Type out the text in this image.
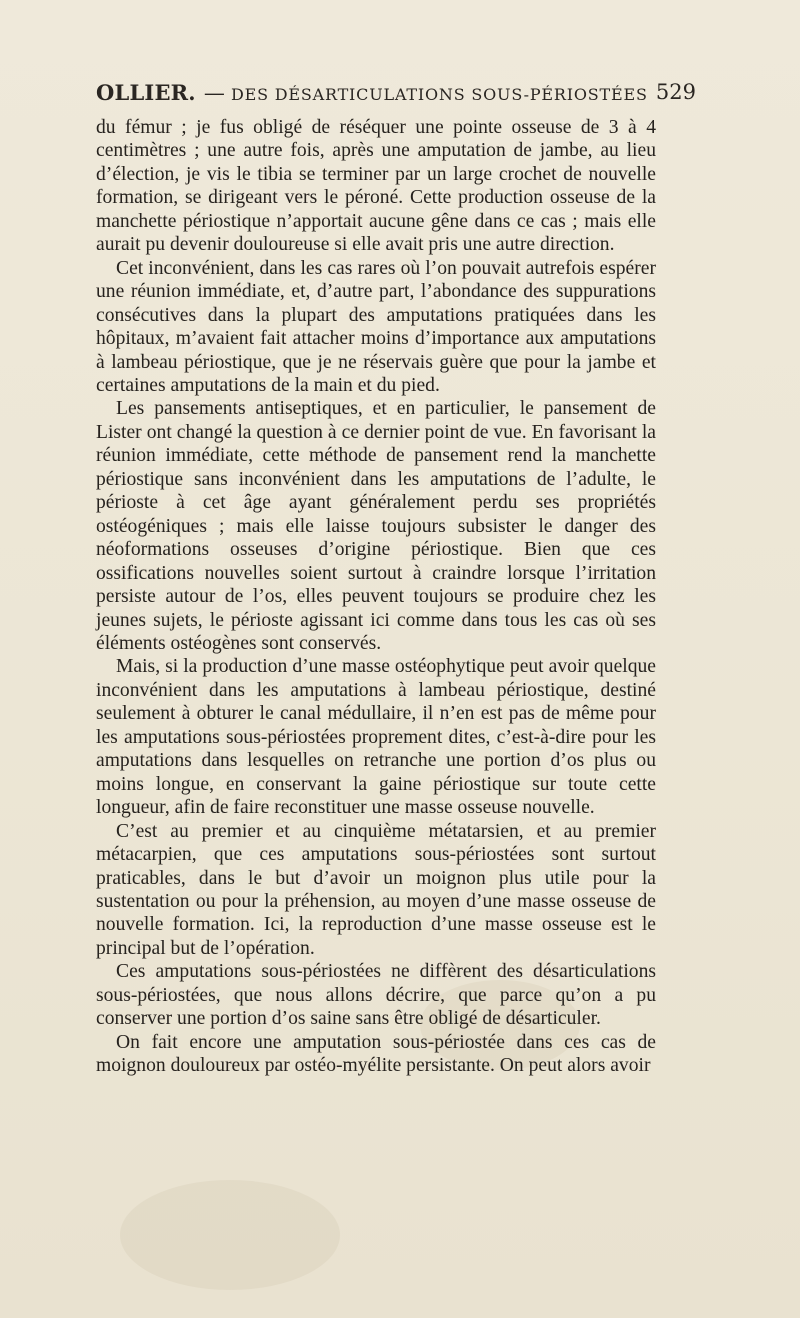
OLLIER. — DES DÉSARTICULATIONS SOUS-PÉRIOSTÉES 529

du fémur ; je fus obligé de réséquer une pointe osseuse de 3 à 4 centimètres ; une autre fois, après une amputation de jambe, au lieu d’élection, je vis le tibia se terminer par un large crochet de nouvelle formation, se dirigeant vers le péroné. Cette production osseuse de la manchette périostique n’apportait aucune gêne dans ce cas ; mais elle aurait pu devenir douloureuse si elle avait pris une autre direction.

Cet inconvénient, dans les cas rares où l’on pouvait autrefois espérer une réunion immédiate, et, d’autre part, l’abondance des suppurations consécutives dans la plupart des amputations pratiquées dans les hôpitaux, m’avaient fait attacher moins d’importance aux amputations à lambeau périostique, que je ne réservais guère que pour la jambe et certaines amputations de la main et du pied.

Les pansements antiseptiques, et en particulier, le pansement de Lister ont changé la question à ce dernier point de vue. En favorisant la réunion immédiate, cette méthode de pansement rend la manchette périostique sans inconvénient dans les amputations de l’adulte, le périoste à cet âge ayant généralement perdu ses propriétés ostéogéniques ; mais elle laisse toujours subsister le danger des néoformations osseuses d’origine périostique. Bien que ces ossifications nouvelles soient surtout à craindre lorsque l’irritation persiste autour de l’os, elles peuvent toujours se produire chez les jeunes sujets, le périoste agissant ici comme dans tous les cas où ses éléments ostéogènes sont conservés.

Mais, si la production d’une masse ostéophytique peut avoir quelque inconvénient dans les amputations à lambeau périostique, destiné seulement à obturer le canal médullaire, il n’en est pas de même pour les amputations sous-périostées proprement dites, c’est-à-dire pour les amputations dans lesquelles on retranche une portion d’os plus ou moins longue, en conservant la gaine périostique sur toute cette longueur, afin de faire reconstituer une masse osseuse nouvelle.

C’est au premier et au cinquième métatarsien, et au premier métacarpien, que ces amputations sous-périostées sont surtout praticables, dans le but d’avoir un moignon plus utile pour la sustentation ou pour la préhension, au moyen d’une masse osseuse de nouvelle formation. Ici, la reproduction d’une masse osseuse est le principal but de l’opération.

Ces amputations sous-périostées ne diffèrent des désarticulations sous-périostées, que nous allons décrire, que parce qu’on a pu conserver une portion d’os saine sans être obligé de désarticuler.

On fait encore une amputation sous-périostée dans ces cas de moignon douloureux par ostéo-myélite persistante. On peut alors avoir
